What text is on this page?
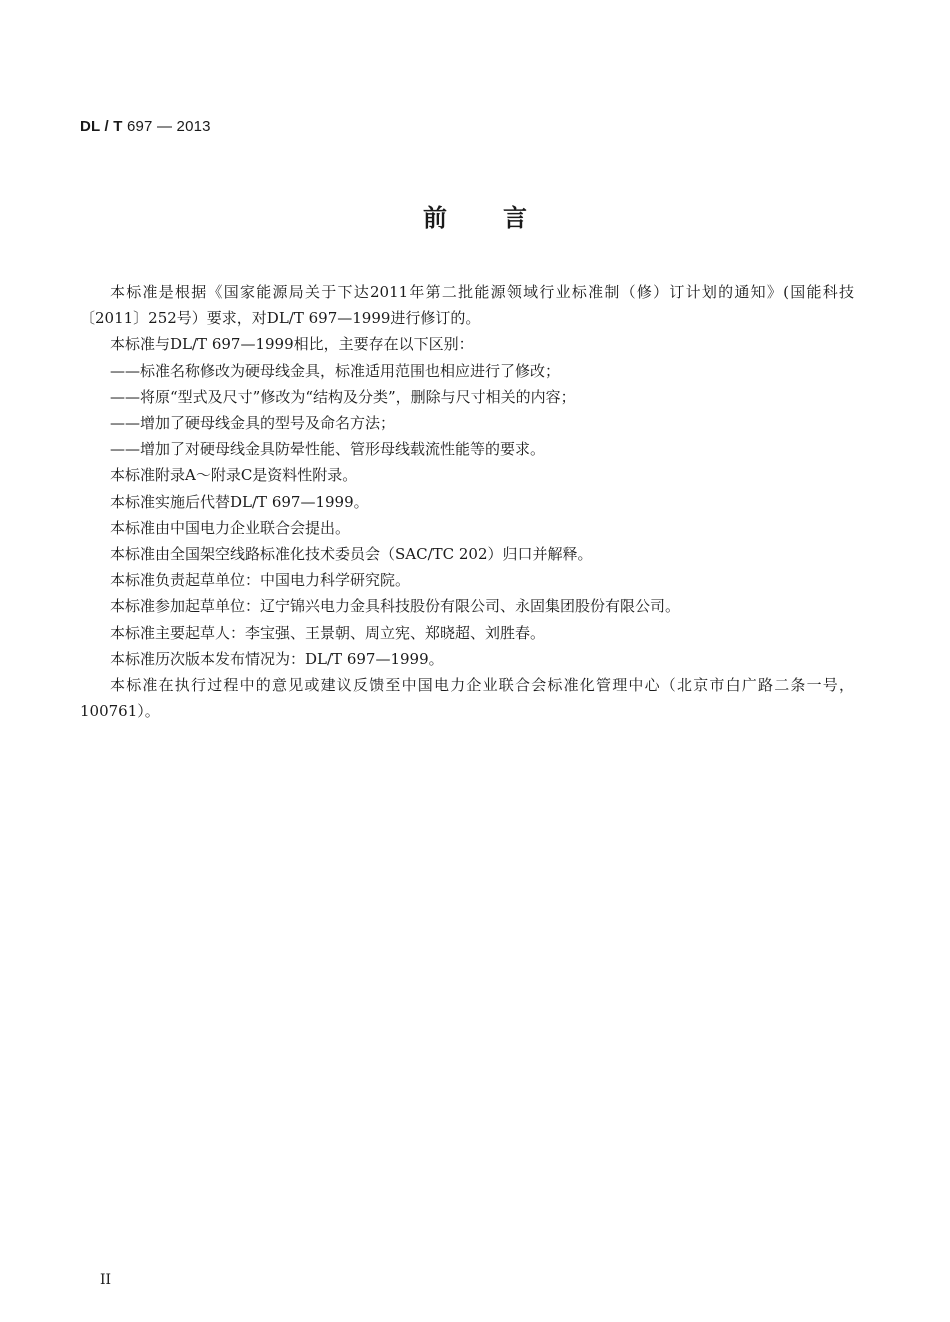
DL / T 697 — 2013
前言

本标准是根据《国家能源局关于下达2011年第二批能源领域行业标准制（修）订计划的通知》(国能科技〔2011〕252号）要求，对DL/T 697—1999进行修订的。

本标准与DL/T 697—1999相比，主要存在以下区别：

——标准名称修改为硬母线金具，标准适用范围也相应进行了修改；

——将原“型式及尺寸”修改为“结构及分类”，删除与尺寸相关的内容；

——增加了硬母线金具的型号及命名方法；

——增加了对硬母线金具防晕性能、管形母线载流性能等的要求。

本标准附录A～附录C是资料性附录。

本标准实施后代替DL/T 697—1999。

本标准由中国电力企业联合会提出。

本标准由全国架空线路标准化技术委员会（SAC/TC 202）归口并解释。

本标准负责起草单位：中国电力科学研究院。

本标准参加起草单位：辽宁锦兴电力金具科技股份有限公司、永固集团股份有限公司。

本标准主要起草人：李宝强、王景朝、周立宪、郑晓超、刘胜春。

本标准历次版本发布情况为：DL/T 697—1999。

本标准在执行过程中的意见或建议反馈至中国电力企业联合会标准化管理中心（北京市白广路二条一号，100761）。

II
